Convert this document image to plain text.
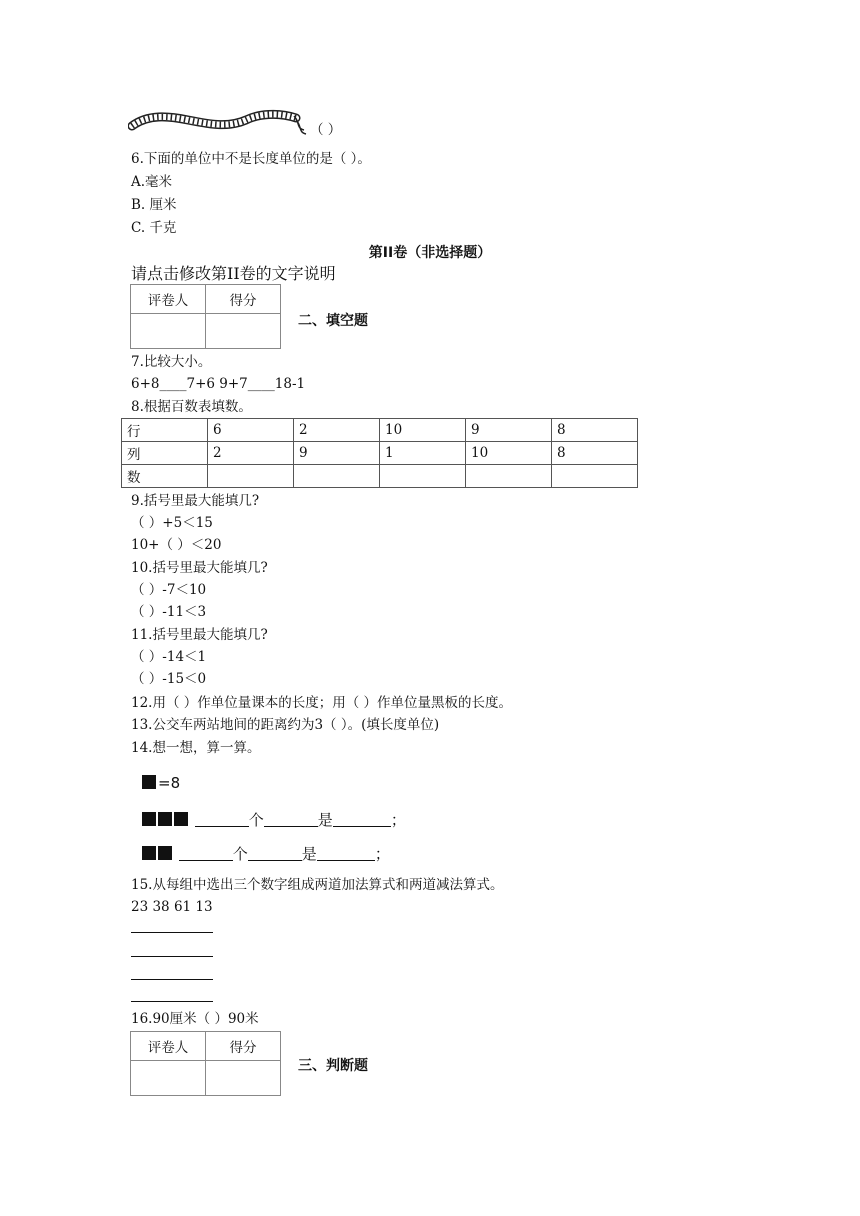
（ ）
6.下面的单位中不是长度单位的是（ ）。
A.毫米
B. 厘米
C. 千克
第II卷（非选择题）
请点击修改第II卷的文字说明
评卷人	得分

二、填空题
7.比较大小。
6+8____7+6 9+7____18-1
8.根据百数表填数。
行	6	2	10	9	8
列	2	9	1	10	8
数					
9.括号里最大能填几?
（ ）+5＜15
10+（ ）＜20
10.括号里最大能填几?
（ ）-7＜10
（ ）-11＜3
11.括号里最大能填几?
（ ）-14＜1
（ ）-15＜0
12.用（ ）作单位量课本的长度；用（ ）作单位量黑板的长度。
13.公交车两站地间的距离约为3（ ）。(填长度单位)
14.想一想，算一算。
=8
个	是	；
个	是	；
15.从每组中选出三个数字组成两道加法算式和两道减法算式。
23 38 61 13
16.90厘米（ ）90米
评卷人	得分

三、判断题
